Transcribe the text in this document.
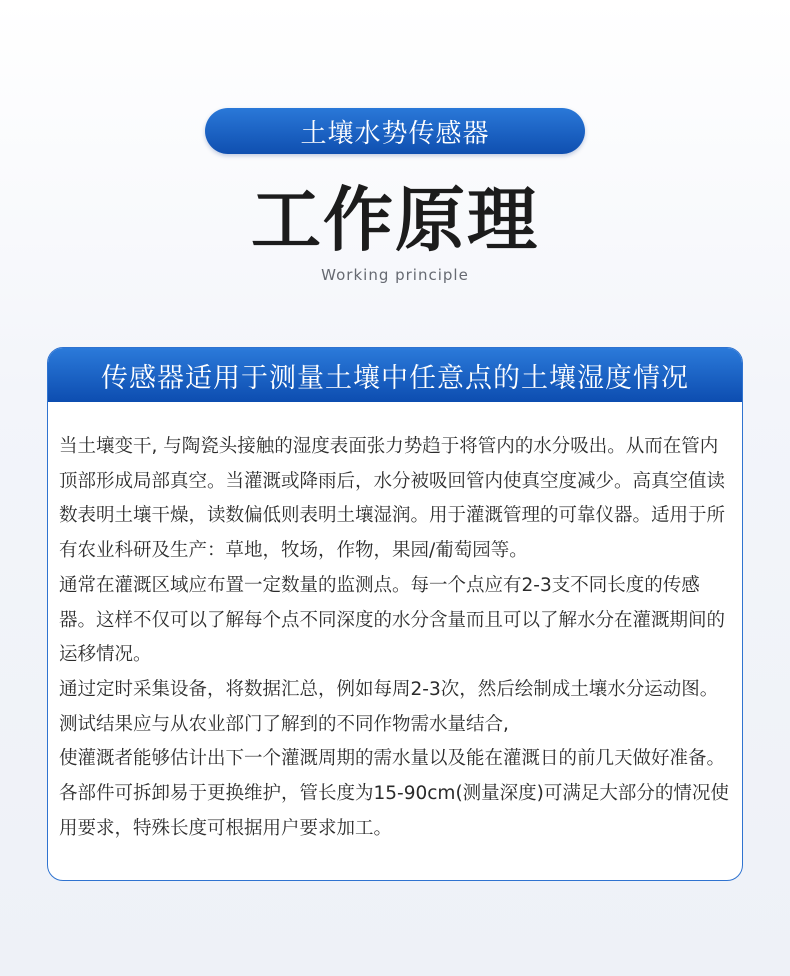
土壤水势传感器
工作原理
Working principle
传感器适用于测量土壤中任意点的土壤湿度情况

当土壤变干, 与陶瓷头接触的湿度表面张力势趋于将管内的水分吸出。从而在管内顶部形成局部真空。当灌溉或降雨后，水分被吸回管内使真空度减少。高真空值读数表明土壤干燥，读数偏低则表明土壤湿润。用于灌溉管理的可靠仪器。适用于所有农业科研及生产：草地，牧场，作物，果园/葡萄园等。

通常在灌溉区域应布置一定数量的监测点。每一个点应有2-3支不同长度的传感器。这样不仅可以了解每个点不同深度的水分含量而且可以了解水分在灌溉期间的运移情况。

通过定时采集设备，将数据汇总，例如每周2-3次，然后绘制成土壤水分运动图。测试结果应与从农业部门了解到的不同作物需水量结合,

使灌溉者能够估计出下一个灌溉周期的需水量以及能在灌溉日的前几天做好准备。各部件可拆卸易于更换维护，管长度为15-90cm(测量深度)可满足大部分的情况使用要求，特殊长度可根据用户要求加工。
